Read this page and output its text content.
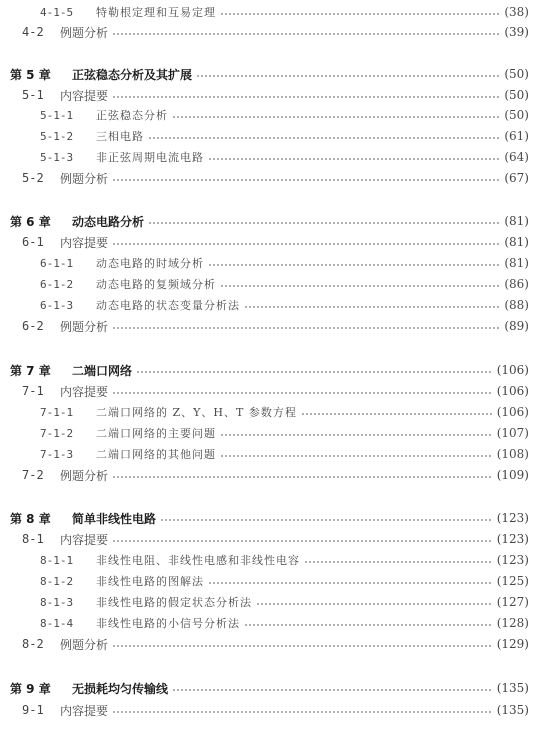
4-1-5	特勒根定理和互易定理	(38)
4-2	例题分析	(39)
第 5 章	正弦稳态分析及其扩展	(50)
5-1	内容提要	(50)
5-1-1	正弦稳态分析	(50)
5-1-2	三相电路	(61)
5-1-3	非正弦周期电流电路	(64)
5-2	例题分析	(67)
第 6 章	动态电路分析	(81)
6-1	内容提要	(81)
6-1-1	动态电路的时域分析	(81)
6-1-2	动态电路的复频域分析	(86)
6-1-3	动态电路的状态变量分析法	(88)
6-2	例题分析	(89)
第 7 章	二端口网络	(106)
7-1	内容提要	(106)
7-1-1	二端口网络的 Z、Y、H、T 参数方程	(106)
7-1-2	二端口网络的主要问题	(107)
7-1-3	二端口网络的其他问题	(108)
7-2	例题分析	(109)
第 8 章	简单非线性电路	(123)
8-1	内容提要	(123)
8-1-1	非线性电阻、非线性电感和非线性电容	(123)
8-1-2	非线性电路的图解法	(125)
8-1-3	非线性电路的假定状态分析法	(127)
8-1-4	非线性电路的小信号分析法	(128)
8-2	例题分析	(129)
第 9 章	无损耗均匀传输线	(135)
9-1	内容提要	(135)
